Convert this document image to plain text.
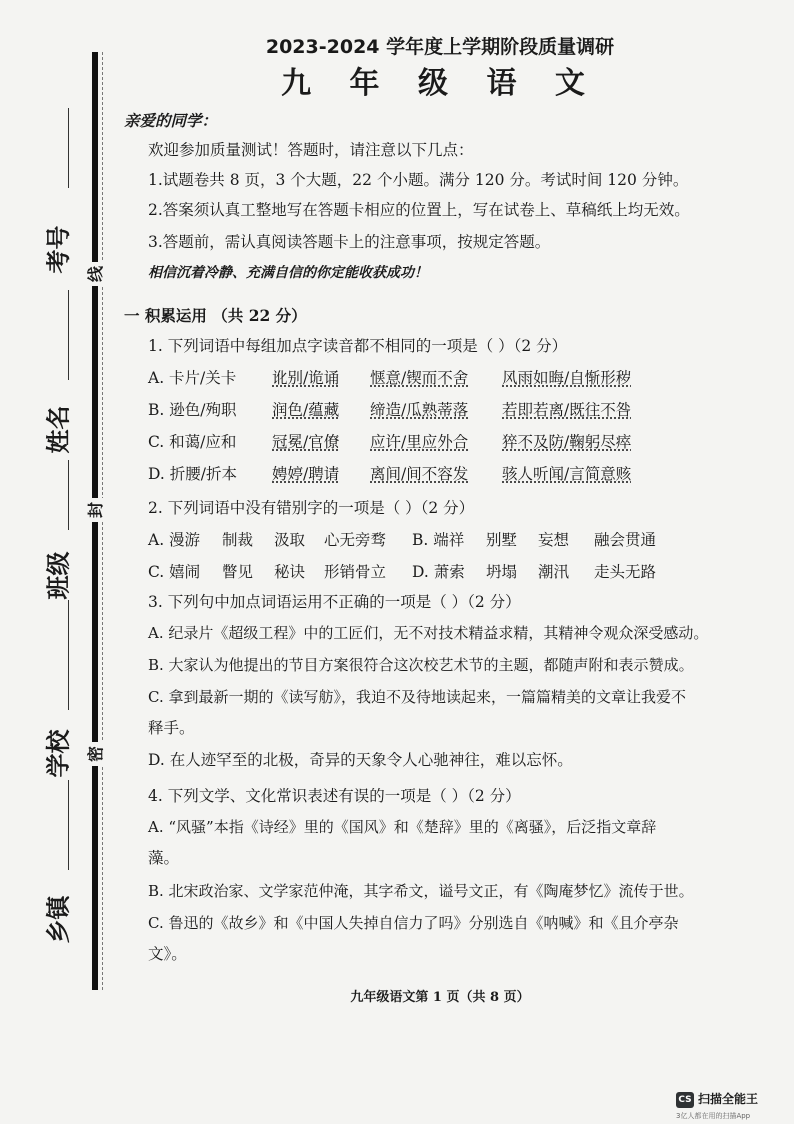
线
封
密
考号
姓名
班级
学校
乡镇
2023-2024 学年度上学期阶段质量调研
九 年 级 语 文
亲爱的同学：
欢迎参加质量测试！答题时，请注意以下几点：
1.试题卷共 8 页，3 个大题，22 个小题。满分 120 分。考试时间 120 分钟。
2.答案须认真工整地写在答题卡相应的位置上，写在试卷上、草稿纸上均无效。
3.答题前，需认真阅读答题卡上的注意事项，按规定答题。
相信沉着冷静、充满自信的你定能收获成功！
一 积累运用 （共 22 分）
1. 下列词语中每组加点字读音都不相同的一项是（ ）（2 分）
A. 卡片/关卡 讹别/诡诵 惬意/锲而不舍 风雨如晦/自惭形秽
B. 逊色/殉职 润色/蕴藏 缔造/瓜熟蒂落 若即若离/既往不咎
C. 和蔼/应和 冠冕/官僚 应许/里应外合 猝不及防/鞠躬尽瘁
D. 折腰/折本 娉婷/聘请 离间/间不容发 骇人听闻/言简意赅
2. 下列词语中没有错别字的一项是（ ）（2 分）
A. 漫游 制裁 汲取 心无旁骛 B. 端祥 别墅 妄想 融会贯通
C. 嬉闹 瞥见 秘诀 形销骨立 D. 萧索 坍塌 潮汛 走头无路
3. 下列句中加点词语运用不正确的一项是（ ）（2 分）
A. 纪录片《超级工程》中的工匠们，无不对技术精益求精，其精神令观众深受感动。
B. 大家认为他提出的节目方案很符合这次校艺术节的主题，都随声附和表示赞成。
C. 拿到最新一期的《读写舫》，我迫不及待地读起来，一篇篇精美的文章让我爱不
释手。
D. 在人迹罕至的北极，奇异的天象令人心驰神往，难以忘怀。
4. 下列文学、文化常识表述有误的一项是（ ）（2 分）
A. “风骚”本指《诗经》里的《国风》和《楚辞》里的《离骚》，后泛指文章辞
藻。
B. 北宋政治家、文学家范仲淹，其字希文，谥号文正，有《陶庵梦忆》流传于世。
C. 鲁迅的《故乡》和《中国人失掉自信力了吗》分别选自《呐喊》和《且介亭杂
文》。
九年级语文第 1 页（共 8 页）
CS 扫描全能王
3亿人都在用的扫描App
